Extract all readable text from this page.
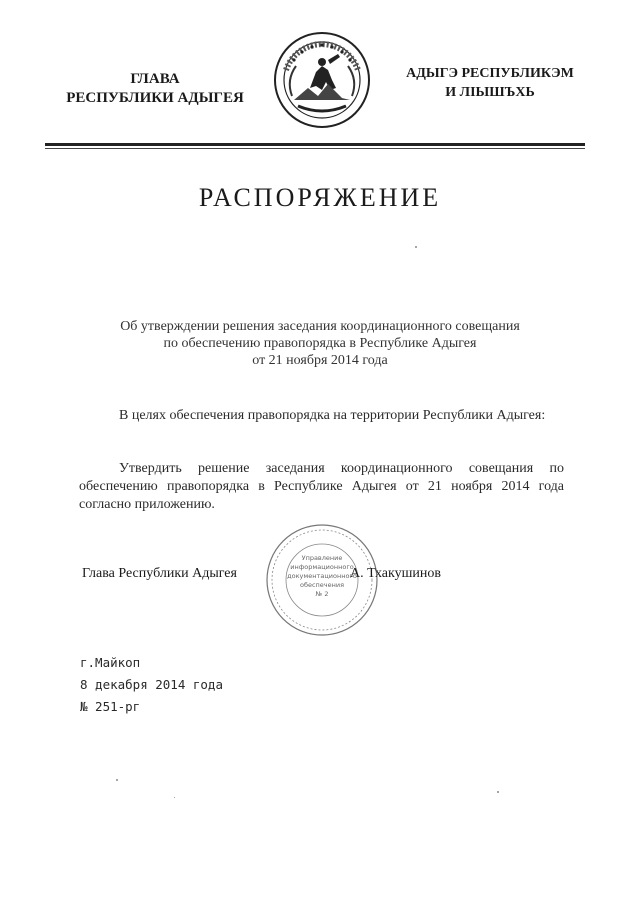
ГЛАВА
РЕСПУБЛИКИ АДЫГЕЯ
АДЫГЭ РЕСПУБЛИКЭМ
И ЛІЫШЪХЬ
РАСПОРЯЖЕНИЕ
Об утверждении решения заседания координационного совещания
по обеспечению правопорядка в Республике Адыгея
от 21 ноября 2014 года
В целях обеспечения правопорядка на территории Республики Адыгея:
Утвердить решение заседания координационного совещания по обеспечению правопорядка в Республике Адыгея от 21 ноября 2014 года согласно приложению.
Управление
информационного
документационного
обеспечения
№ 2
Глава Республики Адыгея	А. Тхакушинов
г.Майкоп
8 декабря 2014 года
№ 251-рг
